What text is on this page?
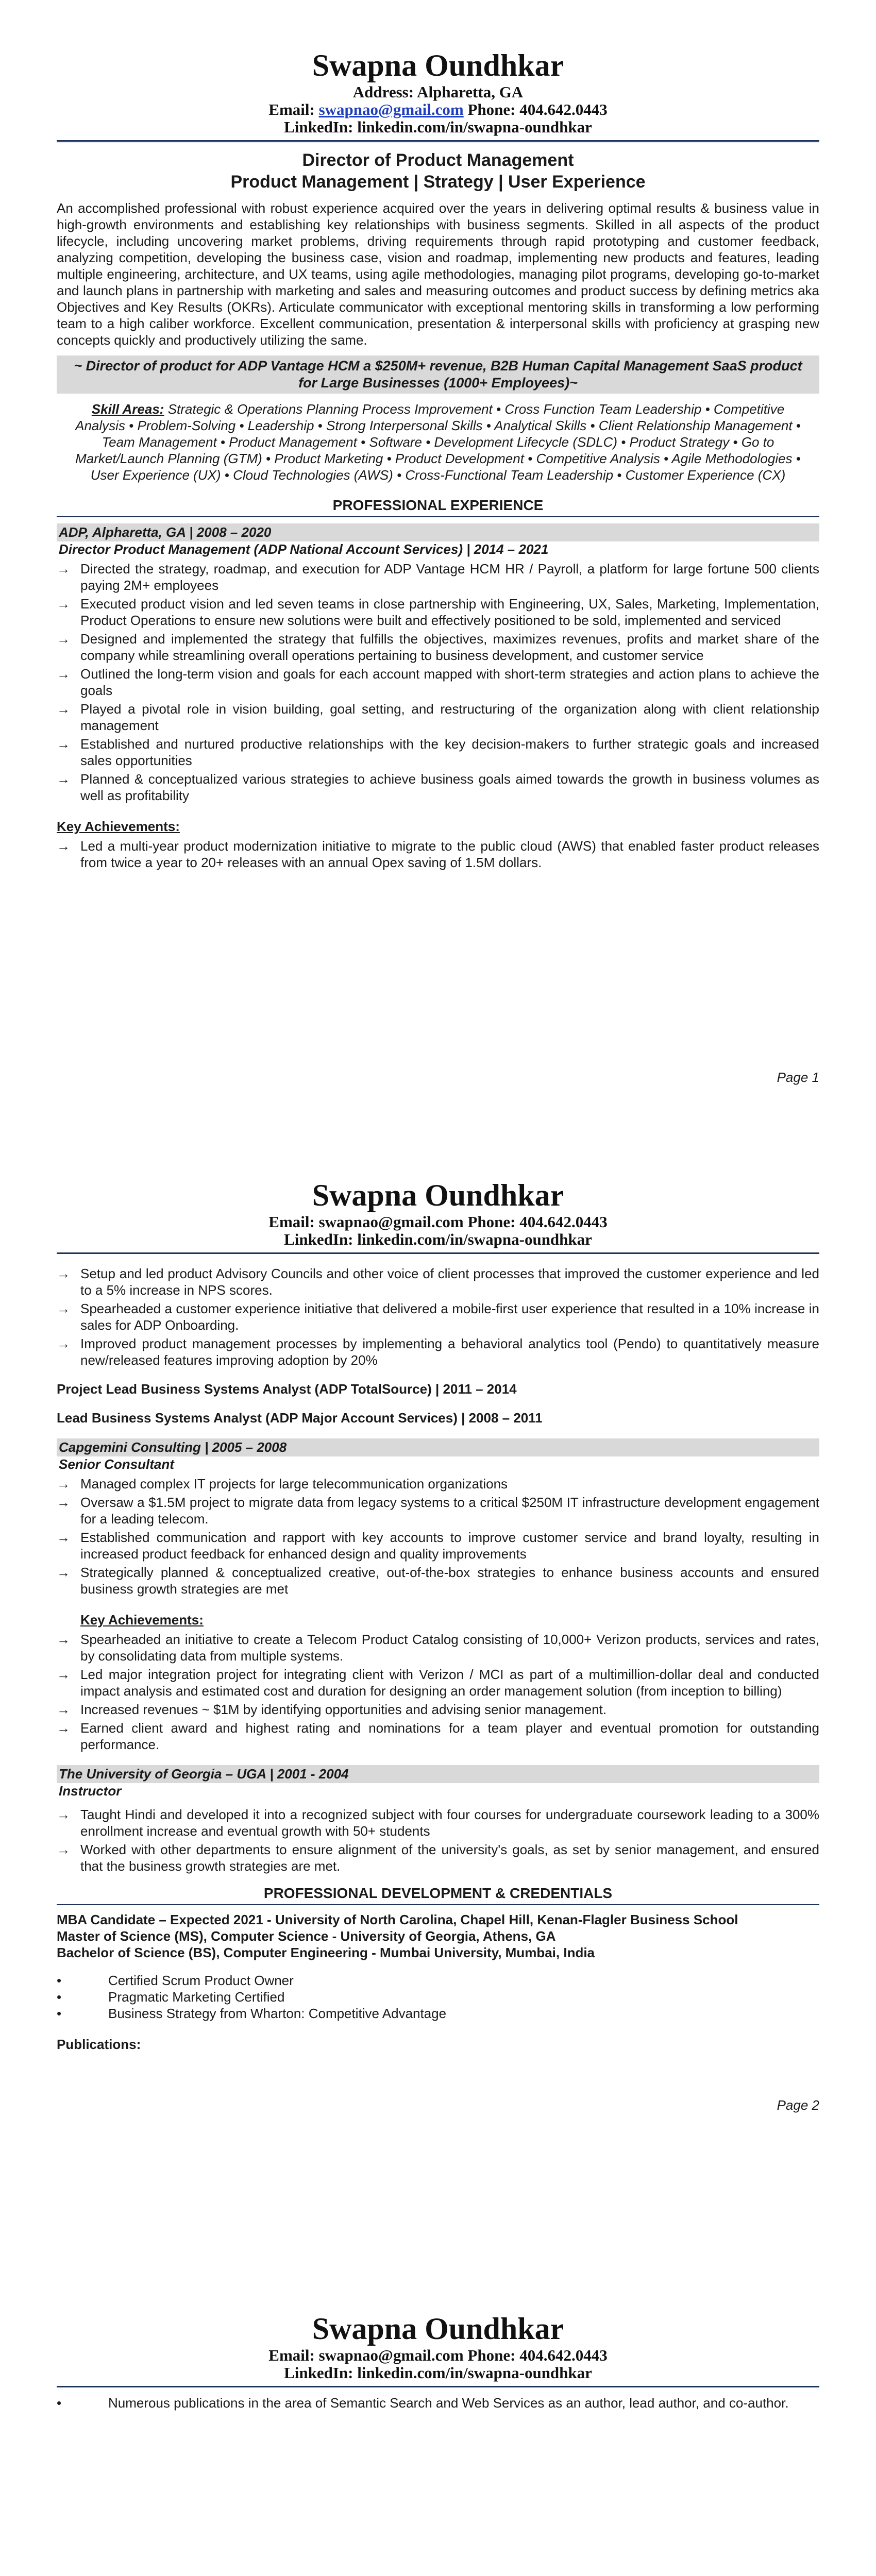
Swapna Oundhkar
Address: Alpharetta, GA
Email: swapnao@gmail.com Phone: 404.642.0443
LinkedIn: linkedin.com/in/swapna-oundhkar
Director of Product Management
Product Management | Strategy | User Experience

An accomplished professional with robust experience acquired over the years in delivering optimal results & business value in high-growth environments and establishing key relationships with business segments. Skilled in all aspects of the product lifecycle, including uncovering market problems, driving requirements through rapid prototyping and customer feedback, analyzing competition, developing the business case, vision and roadmap, implementing new products and features, leading multiple engineering, architecture, and UX teams, using agile methodologies, managing pilot programs, developing go-to-market and launch plans in partnership with marketing and sales and measuring outcomes and product success by defining metrics aka Objectives and Key Results (OKRs). Articulate communicator with exceptional mentoring skills in transforming a low performing team to a high caliber workforce. Excellent communication, presentation & interpersonal skills with proficiency at grasping new concepts quickly and productively utilizing the same.

~ Director of product for ADP Vantage HCM a $250M+ revenue, B2B Human Capital Management SaaS product for Large Businesses (1000+ Employees)~
Skill Areas: Strategic & Operations Planning Process Improvement • Cross Function Team Leadership • Competitive Analysis • Problem-Solving • Leadership • Strong Interpersonal Skills • Analytical Skills • Client Relationship Management • Team Management • Product Management • Software • Development Lifecycle (SDLC) • Product Strategy • Go to Market/Launch Planning (GTM) • Product Marketing • Product Development • Competitive Analysis • Agile Methodologies • User Experience (UX) • Cloud Technologies (AWS) • Cross-Functional Team Leadership • Customer Experience (CX)
PROFESSIONAL EXPERIENCE
ADP, Alpharetta, GA | 2008 – 2020
Director Product Management (ADP National Account Services) | 2014 – 2021
→ Directed the strategy, roadmap, and execution for ADP Vantage HCM HR / Payroll, a platform for large fortune 500 clients paying 2M+ employees
→ Executed product vision and led seven teams in close partnership with Engineering, UX, Sales, Marketing, Implementation, Product Operations to ensure new solutions were built and effectively positioned to be sold, implemented and serviced
→ Designed and implemented the strategy that fulfills the objectives, maximizes revenues, profits and market share of the company while streamlining overall operations pertaining to business development, and customer service
→ Outlined the long-term vision and goals for each account mapped with short-term strategies and action plans to achieve the goals
→ Played a pivotal role in vision building, goal setting, and restructuring of the organization along with client relationship management
→ Established and nurtured productive relationships with the key decision-makers to further strategic goals and increased sales opportunities
→ Planned & conceptualized various strategies to achieve business goals aimed towards the growth in business volumes as well as profitability
Key Achievements:
→ Led a multi-year product modernization initiative to migrate to the public cloud (AWS) that enabled faster product releases from twice a year to 20+ releases with an annual Opex saving of 1.5M dollars.
Page 1
Swapna Oundhkar
Email: swapnao@gmail.com Phone: 404.642.0443
LinkedIn: linkedin.com/in/swapna-oundhkar
→ Setup and led product Advisory Councils and other voice of client processes that improved the customer experience and led to a 5% increase in NPS scores.
→ Spearheaded a customer experience initiative that delivered a mobile-first user experience that resulted in a 10% increase in sales for ADP Onboarding.
→ Improved product management processes by implementing a behavioral analytics tool (Pendo) to quantitatively measure new/released features improving adoption by 20%
Project Lead Business Systems Analyst (ADP TotalSource) | 2011 – 2014
Lead Business Systems Analyst (ADP Major Account Services) | 2008 – 2011
Capgemini Consulting | 2005 – 2008
Senior Consultant
→ Managed complex IT projects for large telecommunication organizations
→ Oversaw a $1.5M project to migrate data from legacy systems to a critical $250M IT infrastructure development engagement for a leading telecom.
→ Established communication and rapport with key accounts to improve customer service and brand loyalty, resulting in increased product feedback for enhanced design and quality improvements
→ Strategically planned & conceptualized creative, out-of-the-box strategies to enhance business accounts and ensured business growth strategies are met
Key Achievements:
→ Spearheaded an initiative to create a Telecom Product Catalog consisting of 10,000+ Verizon products, services and rates, by consolidating data from multiple systems.
→ Led major integration project for integrating client with Verizon / MCI as part of a multimillion-dollar deal and conducted impact analysis and estimated cost and duration for designing an order management solution (from inception to billing)
→ Increased revenues ~ $1M by identifying opportunities and advising senior management.
→ Earned client award and highest rating and nominations for a team player and eventual promotion for outstanding performance.
The University of Georgia – UGA | 2001 - 2004
Instructor
→ Taught Hindi and developed it into a recognized subject with four courses for undergraduate coursework leading to a 300% enrollment increase and eventual growth with 50+ students
→ Worked with other departments to ensure alignment of the university's goals, as set by senior management, and ensured that the business growth strategies are met.
PROFESSIONAL DEVELOPMENT & CREDENTIALS
MBA Candidate – Expected 2021 - University of North Carolina, Chapel Hill, Kenan-Flagler Business School
Master of Science (MS), Computer Science - University of Georgia, Athens, GA
Bachelor of Science (BS), Computer Engineering - Mumbai University, Mumbai, India
•	Certified Scrum Product Owner
•	Pragmatic Marketing Certified
•	Business Strategy from Wharton: Competitive Advantage
Publications:
Page 2
Swapna Oundhkar
Email: swapnao@gmail.com Phone: 404.642.0443
LinkedIn: linkedin.com/in/swapna-oundhkar
•	Numerous publications in the area of Semantic Search and Web Services as an author, lead author, and co-author.
